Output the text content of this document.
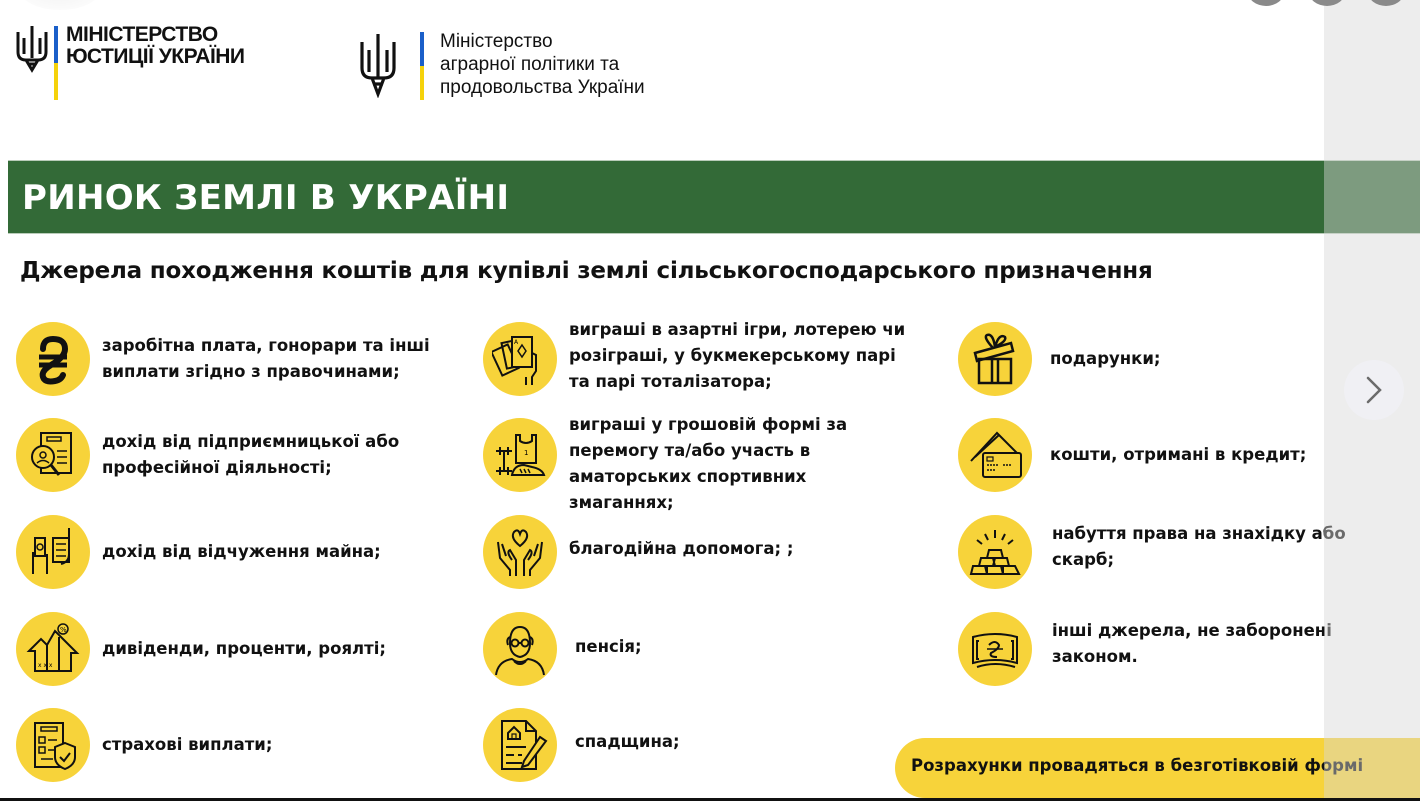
МІНІСТЕРСТВО
ЮСТИЦІЇ УКРАЇНИ
Міністерство
аграрної політики та
продовольства України
РИНОК ЗЕМЛІ В УКРАЇНІ
Джерела походження коштів для купівлі землі сільськогосподарського призначення
заробітна плата, гонорари та інші
виплати згідно з правочинами;
дохід від підприємницької або
професійної діяльності;
дохід від відчуження майна;
%
x x x
дивіденди, проценти, роялті;
страхові виплати;
A
виграші в азартні ігри, лотерею чи
розіграші, у букмекерському парі
та парі тоталізатора;
1
виграші у грошовій формі за
перемогу та/або участь в
аматорських спортивних
змаганнях;
благодійна допомога; ;
пенсія;
спадщина;
подарунки;
кошти, отримані в кредит;
набуття права на знахідку або
скарб;
інші джерела, не заборонені
законом.
Розрахунки провадяться в безготівковій формі
